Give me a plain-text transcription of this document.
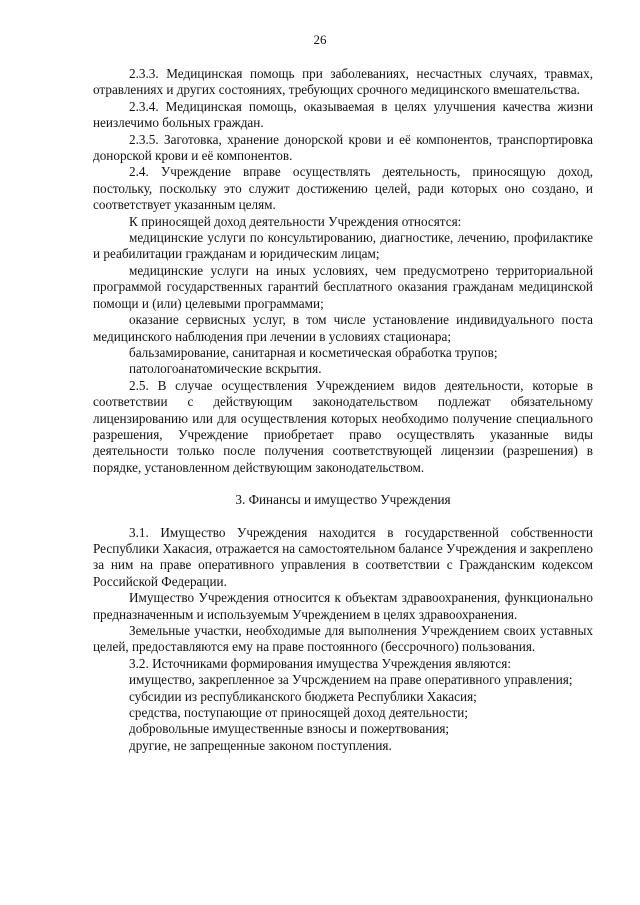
26

2.3.3. Медицинская помощь при заболеваниях, несчастных случаях, травмах, отравлениях и других состояниях, требующих срочного медицинского вмешательства.

2.3.4. Медицинская помощь, оказываемая в целях улучшения качества жизни неизлечимо больных граждан.

2.3.5. Заготовка, хранение донорской крови и её компонентов, транспортировка донорской крови и её компонентов.

2.4. Учреждение вправе осуществлять деятельность, приносящую доход, постольку, поскольку это служит достижению целей, ради которых оно создано, и соответствует указанным целям.

К приносящей доход деятельности Учреждения относятся:

медицинские услуги по консультированию, диагностике, лечению, профилактике и реабилитации гражданам и юридическим лицам;

медицинские услуги на иных условиях, чем предусмотрено территориальной программой государственных гарантий бесплатного оказания гражданам медицинской помощи и (или) целевыми программами;

оказание сервисных услуг, в том числе установление индивидуального поста медицинского наблюдения при лечении в условиях стационара;

бальзамирование, санитарная и косметическая обработка трупов;

патологоанатомические вскрытия.

2.5. В случае осуществления Учреждением видов деятельности, которые в соответствии с действующим законодательством подлежат обязательному лицензированию или для осуществления которых необходимо получение специального разрешения, Учреждение приобретает право осуществлять указанные виды деятельности только после получения соответствующей лицензии (разрешения) в порядке, установленном действующим законодательством.

3. Финансы и имущество Учреждения

3.1. Имущество Учреждения находится в государственной собственности Республики Хакасия, отражается на самостоятельном балансе Учреждения и закреплено за ним на праве оперативного управления в соответствии с Гражданским кодексом Российской Федерации.

Имущество Учреждения относится к объектам здравоохранения, функционально предназначенным и используемым Учреждением в целях здравоохранения.

Земельные участки, необходимые для выполнения Учреждением своих уставных целей, предоставляются ему на праве постоянного (бессрочного) пользования.

3.2. Источниками формирования имущества Учреждения являются:

имущество, закрепленное за Учрсждением на праве оперативного управления;

субсидии из республиканского бюджета Республики Хакасия;

средства, поступающие от приносящей доход деятельности;

добровольные имущественные взносы и пожертвования;

другие, не запрещенные законом поступления.
